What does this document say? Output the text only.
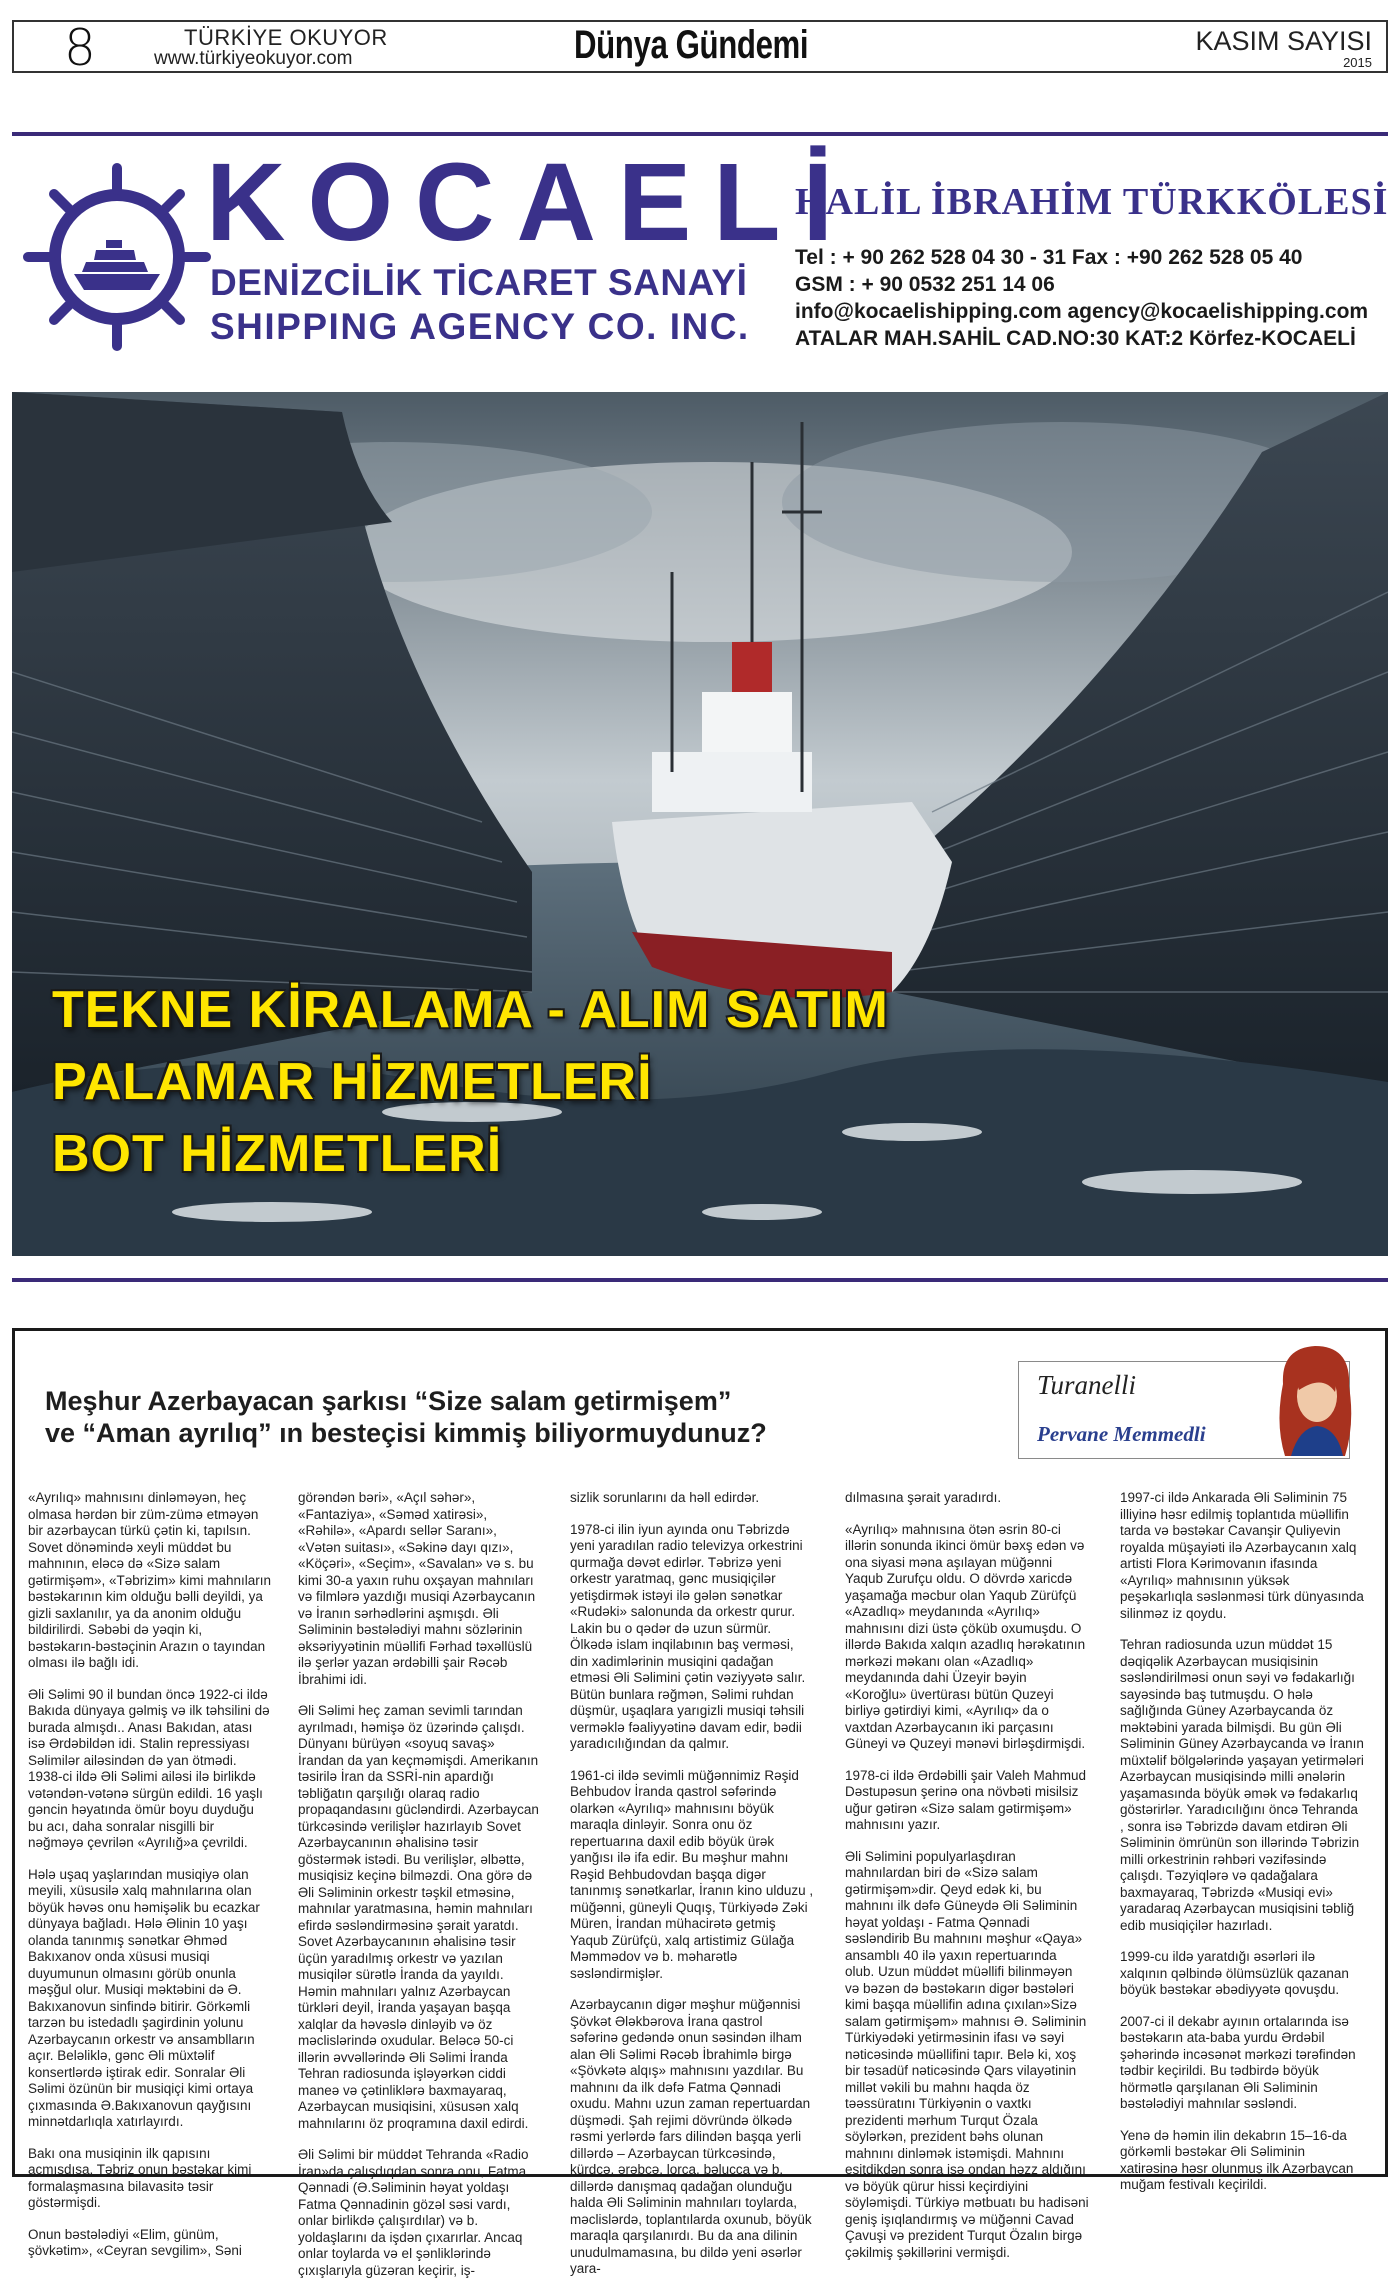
8	TÜRKİYE OKUYOR
www.türkiyeokuyor.com	Dünya Gündemi	KASIM SAYISI
2015
KOCAELİ
DENİZCİLİK TİCARET SANAYİ
SHIPPING AGENCY CO. INC.
HALİL İBRAHİM TÜRKKÖLESİ
Tel : + 90 262 528 04 30 - 31 Fax : +90 262 528 05 40
GSM : + 90 0532 251 14 06
info@kocaelishipping.com agency@kocaelishipping.com
ATALAR MAH.SAHİL CAD.NO:30 KAT:2 Körfez-KOCAELİ
TEKNE KİRALAMA - ALIM SATIM
PALAMAR HİZMETLERİ
BOT HİZMETLERİ
Meşhur Azerbayacan şarkısı “Size salam getirmişem”
ve “Aman ayrılıq” ın besteçisi kimmiş biliyormuydunuz?
Turanelli
Pervane Memmedli

«Ayrılıq» mahnısını dinləməyən, heç olmasa hərdən bir züm-zümə etməyən bir azərbaycan türkü çətin ki, tapılsın. Sovet dönəmində xeyli müddət bu mahnının, eləcə də «Sizə salam gətirmişəm», «Təbrizim» kimi mahnıların bəstəkarının kim olduğu bəlli deyildi, ya gizli saxlanılır, ya da anonim olduğu bildirilirdi. Səbəbi də yəqin ki, bəstəkarın-bəstəçinin Arazın o tayından olması ilə bağlı idi.

Əli Səlimi 90 il bundan öncə 1922-ci ildə Bakıda dünyaya gəlmiş və ilk təhsilini də burada almışdı.. Anası Bakıdan, atası isə Ərdəbildən idi. Stalin repressiyası Səlimilər ailəsindən də yan ötmədi. 1938-ci ildə Əli Səlimi ailəsi ilə birlikdə vətəndən-vətənə sürgün edildi. 16 yaşlı gəncin həyatında ömür boyu duyduğu bu acı, daha sonralar nisgilli bir nəğməyə çevrilən «Ayrılığ»a çevrildi.

Hələ uşaq yaşlarından musiqiyə olan meyili, xüsusilə xalq mahnılarına olan böyük həvəs onu həmişəlik bu ecazkar dünyaya bağladı. Hələ Əlinin 10 yaşı olanda tanınmış sənətkar Əhməd Bakıxanov onda xüsusi musiqi duyumunun olmasını görüb onunla məşğul olur. Musiqi məktəbini də Ə. Bakıxanovun sinfində bitirir. Görkəmli tarzən bu istedadlı şagirdinin yolunu Azərbaycanın orkestr və ansamblların açır. Beləliklə, gənc Əli müxtəlif konsertlərdə iştirak edir. Sonralar Əli Səlimi özünün bir musiqiçi kimi ortaya çıxmasında Ə.Bakıxanovun qayğısını minnətdarlıqla xatırlayırdı.

Bakı ona musiqinin ilk qapısını açmışdısa, Təbriz onun bəstəkar kimi formalaşmasına bilavasitə təsir göstərmişdi.

Onun bəstələdiyi «Elim, günüm, şövkətim», «Ceyran sevgilim», Səni

görəndən bəri», «Açıl səhər», «Fantaziya», «Səməd xatirəsi», «Rəhilə», «Apardı sellər Saranı», «Vətən suitası», «Səkinə dayı qızı», «Köçəri», «Seçim», «Savalan» və s. bu kimi 30-a yaxın ruhu oxşayan mahnıları və filmlərə yazdığı musiqi Azərbaycanın və İranın sərhədlərini aşmışdı. Əli Səliminin bəstələdiyi mahnı sözlərinin əksəriyyətinin müəllifi Fərhad təxəllüslü ilə şerlər yazan ərdəbilli şair Rəcəb İbrahimi idi.

Əli Səlimi heç zaman sevimli tarından ayrılmadı, həmişə öz üzərində çalışdı. Dünyanı bürüyən «soyuq savaş» İrandan da yan keçməmişdi. Amerikanın təsirilə İran da SSRİ-nin apardığı təbliğatın qarşılığı olaraq radio propaqandasını gücləndirdi. Azərbaycan türkcəsində verilişlər hazırlayıb Sovet Azərbaycanının əhalisinə təsir göstərmək istədi. Bu verilişlər, əlbəttə, musiqisiz keçinə bilməzdi. Ona görə də Əli Səliminin orkestr təşkil etməsinə, mahnılar yaratmasına, həmin mahnıları efirdə səsləndirməsinə şərait yaratdı. Sovet Azərbaycanının əhalisinə təsir üçün yaradılmış orkestr və yazılan musiqilər sürətlə İranda da yayıldı. Həmin mahnıları yalnız Azərbaycan türkləri deyil, İranda yaşayan başqa xalqlar da həvəslə dinləyib və öz məclislərində oxudular. Beləcə 50-ci illərin əvvəllərində Əli Səlimi İranda Tehran radiosunda işləyərkən ciddi maneə və çətinliklərə baxmayaraq, Azərbaycan musiqisini, xüsusən xalq mahnılarını öz proqramına daxil edirdi.

Əli Səlimi bir müddət Tehranda «Radio İran»da çalışdıqdan sonra onu, Fatma Qənnadi (Ə.Səliminin həyat yoldaşı Fatma Qənnadinin gözəl səsi vardı, onlar birlikdə çalışırdılar) və b. yoldaşlarını da işdən çıxarırlar. Ancaq onlar toylarda və el şənliklərində çıxışlarıyla güzəran keçirir, iş-

sizlik sorunlarını da həll edirdər.

1978-ci ilin iyun ayında onu Təbrizdə yeni yaradılan radio televizya orkestrini qurmağa dəvət edirlər. Təbrizə yeni orkestr yaratmaq, gənc musiqiçilər yetişdirmək istəyi ilə gələn sənətkar «Rudəki» salonunda da orkestr qurur. Lakin bu o qədər də uzun sürmür. Ölkədə islam inqilabının baş verməsi, din xadimlərinin musiqini qadağan etməsi Əli Səlimini çətin vəziyyətə salır. Bütün bunlara rəğmən, Səlimi ruhdan düşmür, uşaqlara yarıgizli musiqi təhsili verməklə fəaliyyətinə davam edir, bədii yaradıcılığından da qalmır.

1961-ci ildə sevimli müğənnimiz Rəşid Behbudov İranda qastrol səfərində olarkən «Ayrılıq» mahnısını böyük maraqla dinləyir. Sonra onu öz repertuarına daxil edib böyük ürək yanğısı ilə ifa edir. Bu məşhur mahnı Rəşid Behbudovdan başqa digər tanınmış sənətkarlar, İranın kino ulduzu , müğənni, güneyli Quqış, Türkiyədə Zəki Müren, İrandan mühacirətə getmiş Yaqub Zürüfçü, xalq artistimiz Gülağa Məmmədov və b. məharətlə səsləndirmişlər.

Azərbaycanın digər məşhur müğənnisi Şövkət Ələkbərova İrana qastrol səfərinə gedəndə onun səsindən ilham alan Əli Səlimi Rəcəb İbrahimlə birgə «Şövkətə alqış» mahnısını yazdılar. Bu mahnını da ilk dəfə Fatma Qənnadi oxudu. Mahnı uzun zaman repertuardan düşmədi. Şah rejimi dövründə ölkədə rəsmi yerlərdə fars dilindən başqa yerli dillərdə – Azərbaycan türkcəsində, kürdcə, ərəbcə, lorca, bəlucca və b. dillərdə danışmaq qadağan olunduğu halda Əli Səliminin mahnıları toylarda, məclislərdə, toplantılarda oxunub, böyük maraqla qarşılanırdı. Bu da ana dilinin unudulmamasına, bu dildə yeni əsərlər yara-

dılmasına şərait yaradırdı.

«Ayrılıq» mahnısına ötən əsrin 80-ci illərin sonunda ikinci ömür bəxş edən və ona siyasi məna aşılayan müğənni Yaqub Zurufçu oldu. O dövrdə xaricdə yaşamağa məcbur olan Yaqub Zürüfçü «Azadlıq» meydanında «Ayrılıq» mahnısını dizi üstə çöküb oxumuşdu. O illərdə Bakıda xalqın azadlıq hərəkatının mərkəzi məkanı olan «Azadlıq» meydanında dahi Üzeyir bəyin «Koroğlu» üvertürası bütün Quzeyi birliyə gətirdiyi kimi, «Ayrılıq» da o vaxtdan Azərbaycanın iki parçasını Güneyi və Quzeyi mənəvi birləşdirmişdi.

1978-ci ildə Ərdəbilli şair Valeh Mahmud Dəstupəsun şerinə ona növbəti misilsiz uğur gətirən «Sizə salam gətirmişəm» mahnısını yazır.

Əli Səlimini populyarlaşdıran mahnılardan biri də «Sizə salam gətirmişəm»dir. Qeyd edək ki, bu mahnını ilk dəfə Güneydə Əli Səliminin həyat yoldaşı - Fatma Qənnadi səsləndirib Bu mahnını məşhur «Qaya» ansamblı 40 ilə yaxın repertuarında olub. Uzun müddət müəllifi bilinməyən və bəzən də bəstəkarın digər bəstələri kimi başqa müəllifin adına çıxılan»Sizə salam gətirmişəm» mahnısı Ə. Səliminin Türkiyədəki yetirməsinin ifası və səyi nəticəsində müəllifini tapır. Belə ki, xoş bir təsadüf nəticəsində Qars vilayətinin millət vəkili bu mahnı haqda öz təəssüratını Türkiyənin o vaxtkı prezidenti mərhum Turqut Özala söylərkən, prezident bəhs olunan mahnını dinləmək istəmişdi. Mahnını eşitdikdən sonra isə ondan həzz aldığını və böyük qürur hissi keçirdiyini söyləmişdi. Türkiyə mətbuatı bu hadisəni geniş işıqlandırmış və müğənni Cavad Çavuşi və prezident Turqut Özalın birgə çəkilmiş şəkillərini vermişdi.

1997-ci ildə Ankarada Əli Səliminin 75 illiyinə həsr edilmiş toplantıda müəllifin tarda və bəstəkar Cavanşir Quliyevin royalda müşayiəti ilə Azərbaycanın xalq artisti Flora Kərimovanın ifasında «Ayrılıq» mahnısının yüksək peşəkarlıqla səslənməsi türk dünyasında silinməz iz qoydu.

Tehran radiosunda uzun müddət 15 dəqiqəlik Azərbaycan musiqisinin səsləndirilməsi onun səyi və fədakarlığı sayəsində baş tutmuşdu. O hələ sağlığında Güney Azərbaycanda öz məktəbini yarada bilmişdi. Bu gün Əli Səliminin Güney Azərbaycanda və İranın müxtəlif bölgələrində yaşayan yetirmələri Azərbaycan musiqisində milli ənələrin yaşamasında böyük əmək və fədakarlıq göstərirlər. Yaradıcılığını öncə Tehranda , sonra isə Təbrizdə davam etdirən Əli Səliminin ömrünün son illərində Təbrizin milli orkestrinin rəhbəri vəzifəsində çalışdı. Təzyiqlərə və qadağalara baxmayaraq, Təbrizdə «Musiqi evi» yaradaraq Azərbaycan musiqisini təbliğ edib musiqiçilər hazırladı.

1999-cu ildə yaratdığı əsərləri ilə xalqının qəlbində ölümsüzlük qazanan böyük bəstəkar əbədiyyətə qovuşdu.

2007-ci il dekabr ayının ortalarında isə bəstəkarın ata-baba yurdu Ərdəbil şəhərində incəsənət mərkəzi tərəfindən tədbir keçirildi. Bu tədbirdə böyük hörmətlə qarşılanan Əli Səliminin bəstələdiyi mahnılar səsləndi.

Yenə də həmin ilin dekabrın 15–16-da görkəmli bəstəkar Əli Səliminin xatirəsinə həsr olunmuş ilk Azərbaycan muğam festivalı keçirildi.
